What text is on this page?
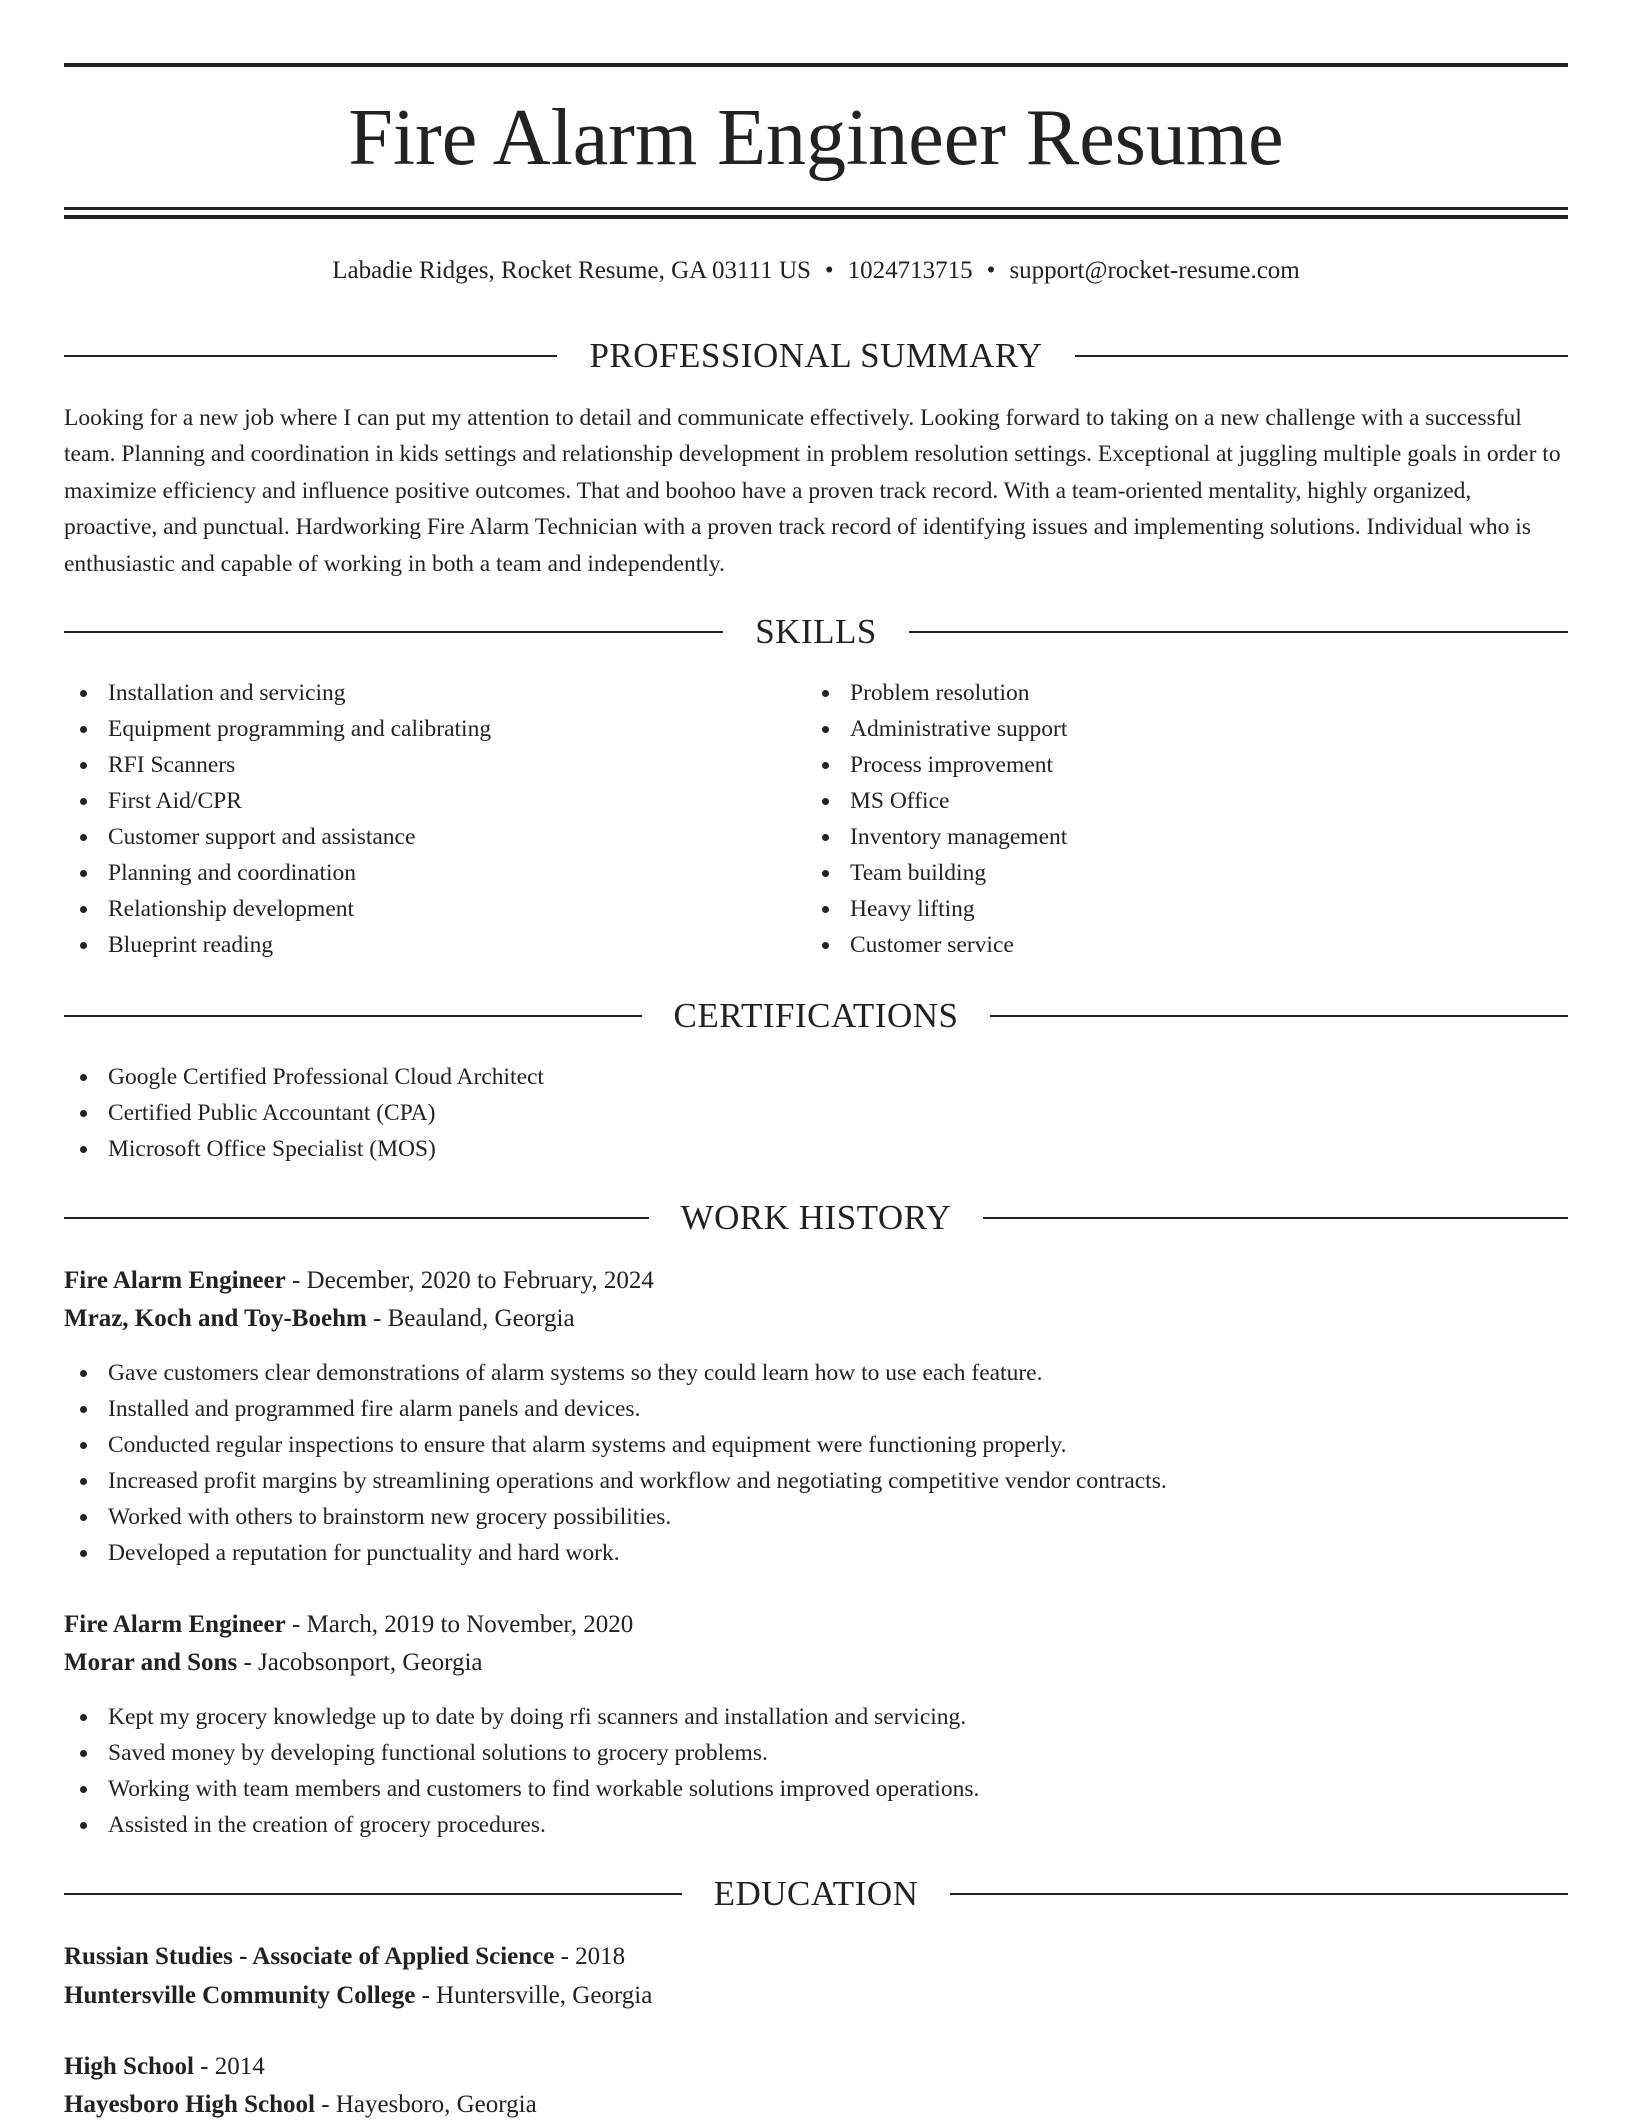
Fire Alarm Engineer Resume
Labadie Ridges, Rocket Resume, GA 03111 US • 1024713715 • support@rocket-resume.com
PROFESSIONAL SUMMARY

Looking for a new job where I can put my attention to detail and communicate effectively. Looking forward to taking on a new challenge with a successful team. Planning and coordination in kids settings and relationship development in problem resolution settings. Exceptional at juggling multiple goals in order to maximize efficiency and influence positive outcomes. That and boohoo have a proven track record. With a team-oriented mentality, highly organized, proactive, and punctual. Hardworking Fire Alarm Technician with a proven track record of identifying issues and implementing solutions. Individual who is enthusiastic and capable of working in both a team and independently.

SKILLS
Installation and servicing
Equipment programming and calibrating
RFI Scanners
First Aid/CPR
Customer support and assistance
Planning and coordination
Relationship development
Blueprint reading
Problem resolution
Administrative support
Process improvement
MS Office
Inventory management
Team building
Heavy lifting
Customer service
CERTIFICATIONS
Google Certified Professional Cloud Architect
Certified Public Accountant (CPA)
Microsoft Office Specialist (MOS)
WORK HISTORY
Fire Alarm Engineer - December, 2020 to February, 2024
Mraz, Koch and Toy-Boehm - Beauland, Georgia
Gave customers clear demonstrations of alarm systems so they could learn how to use each feature.
Installed and programmed fire alarm panels and devices.
Conducted regular inspections to ensure that alarm systems and equipment were functioning properly.
Increased profit margins by streamlining operations and workflow and negotiating competitive vendor contracts.
Worked with others to brainstorm new grocery possibilities.
Developed a reputation for punctuality and hard work.
Fire Alarm Engineer - March, 2019 to November, 2020
Morar and Sons - Jacobsonport, Georgia
Kept my grocery knowledge up to date by doing rfi scanners and installation and servicing.
Saved money by developing functional solutions to grocery problems.
Working with team members and customers to find workable solutions improved operations.
Assisted in the creation of grocery procedures.
EDUCATION
Russian Studies - Associate of Applied Science - 2018
Huntersville Community College - Huntersville, Georgia
High School - 2014
Hayesboro High School - Hayesboro, Georgia
